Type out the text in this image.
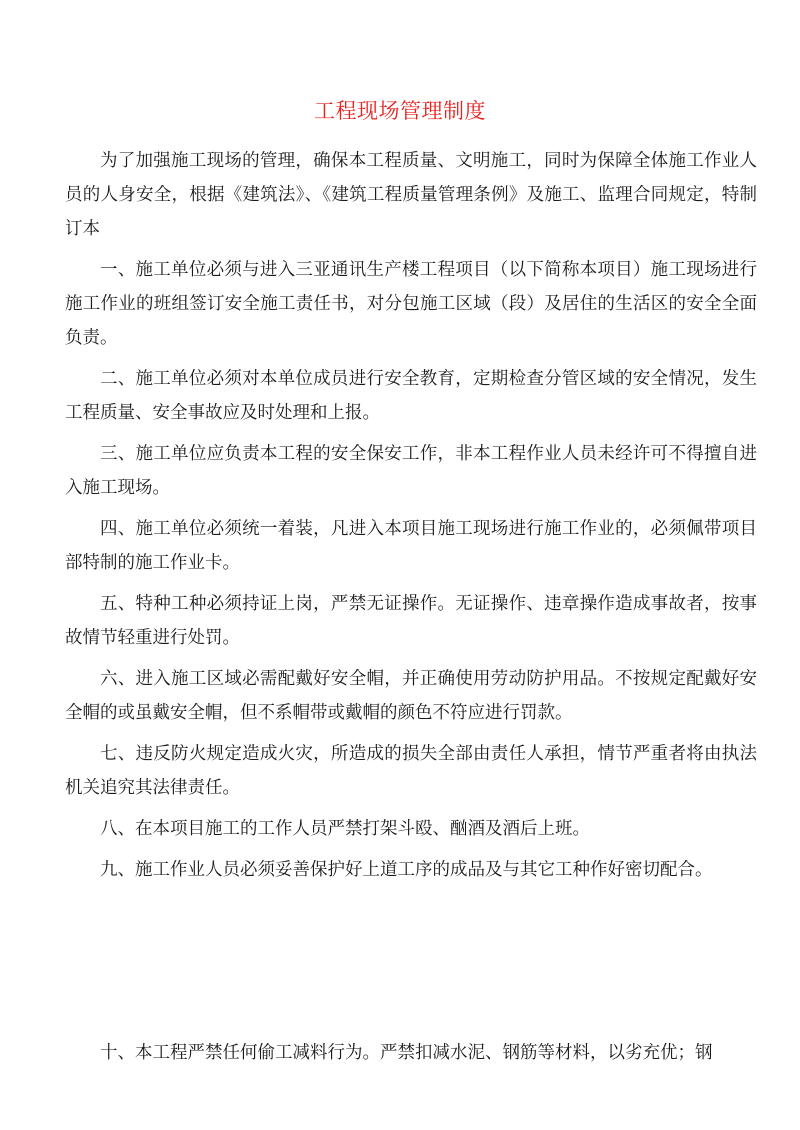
工程现场管理制度

为了加强施工现场的管理，确保本工程质量、文明施工，同时为保障全体施工作业人员的人身安全，根据《建筑法》、《建筑工程质量管理条例》及施工、监理合同规定，特制订本

一、施工单位必须与进入三亚通讯生产楼工程项目（以下简称本项目）施工现场进行施工作业的班组签订安全施工责任书，对分包施工区域（段）及居住的生活区的安全全面负责。

二、施工单位必须对本单位成员进行安全教育，定期检查分管区域的安全情况，发生工程质量、安全事故应及时处理和上报。

三、施工单位应负责本工程的安全保安工作，非本工程作业人员未经许可不得擅自进入施工现场。

四、施工单位必须统一着装，凡进入本项目施工现场进行施工作业的，必须佩带项目部特制的施工作业卡。

五、特种工种必须持证上岗，严禁无证操作。无证操作、违章操作造成事故者，按事故情节轻重进行处罚。

六、进入施工区域必需配戴好安全帽，并正确使用劳动防护用品。不按规定配戴好安全帽的或虽戴安全帽，但不系帽带或戴帽的颜色不符应进行罚款。

七、违反防火规定造成火灾，所造成的损失全部由责任人承担，情节严重者将由执法机关追究其法律责任。

八、在本项目施工的工作人员严禁打架斗殴、酗酒及酒后上班。

九、施工作业人员必须妥善保护好上道工序的成品及与其它工种作好密切配合。

十、本工程严禁任何偷工减料行为。严禁扣减水泥、钢筋等材料，以劣充优；钢
